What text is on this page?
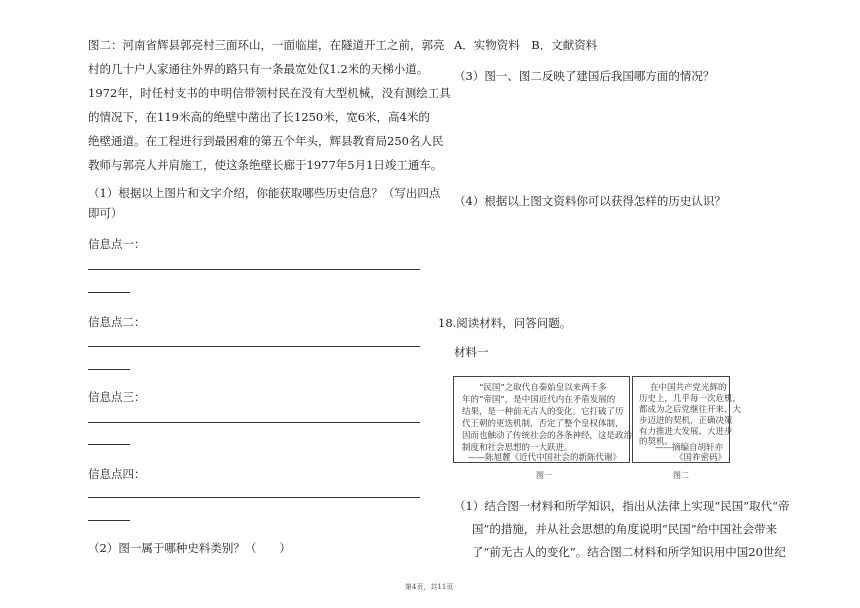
图二：河南省辉县郭亮村三面环山，一面临崖，在隧道开工之前，郭亮
村的几十户人家通往外界的路只有一条最宽处仅1.2米的天梯小道。
1972年，时任村支书的申明信带领村民在没有大型机械，没有测绘工具
的情况下，在119米高的绝壁中凿出了长1250米，宽6米，高4米的
绝壁通道。在工程进行到最困难的第五个年头，辉县教育局250名人民
教师与郭亮人并肩施工，使这条绝壁长廊于1977年5月1日竣工通车。
（1）根据以上图片和文字介绍，你能获取哪些历史信息？（写出四点
即可）
信息点一：
信息点二：
信息点三：
信息点四：
（2）图一属于哪种史料类别？（　　）
A．实物资料　B．文献资料
（3）图一、图二反映了建国后我国哪方面的情况？
（4）根据以上图文资料你可以获得怎样的历史认识？
18.阅读材料，问答问题。
材料一
“民国”之取代自秦始皇以来两千多
年的“帝国”，是中国近代内在矛盾发展的
结果，是一种前无古人的变化。它打破了历
代王朝的更迭机制，否定了整个皇权体制，
因而也触动了传统社会的各条神经，这是政治
制度和社会思想的一大跃进。
——陈旭麓《近代中国社会的新陈代谢》
图一
在中国共产党光辉的
历史上，几乎每一次危机，
都成为之后党继往开来、大
步迈进的契机，正确决策
有力推进大发展、大进步
的契机。
——摘编自胡轩亦
《国祚密码》
图二
（1）结合图一材料和所学知识，指出从法律上实现“民国”取代“帝
国”的措施，并从社会思想的角度说明“民国”给中国社会带来
了“前无古人的变化”。结合图二材料和所学知识用中国20世纪
第4页，共11页
